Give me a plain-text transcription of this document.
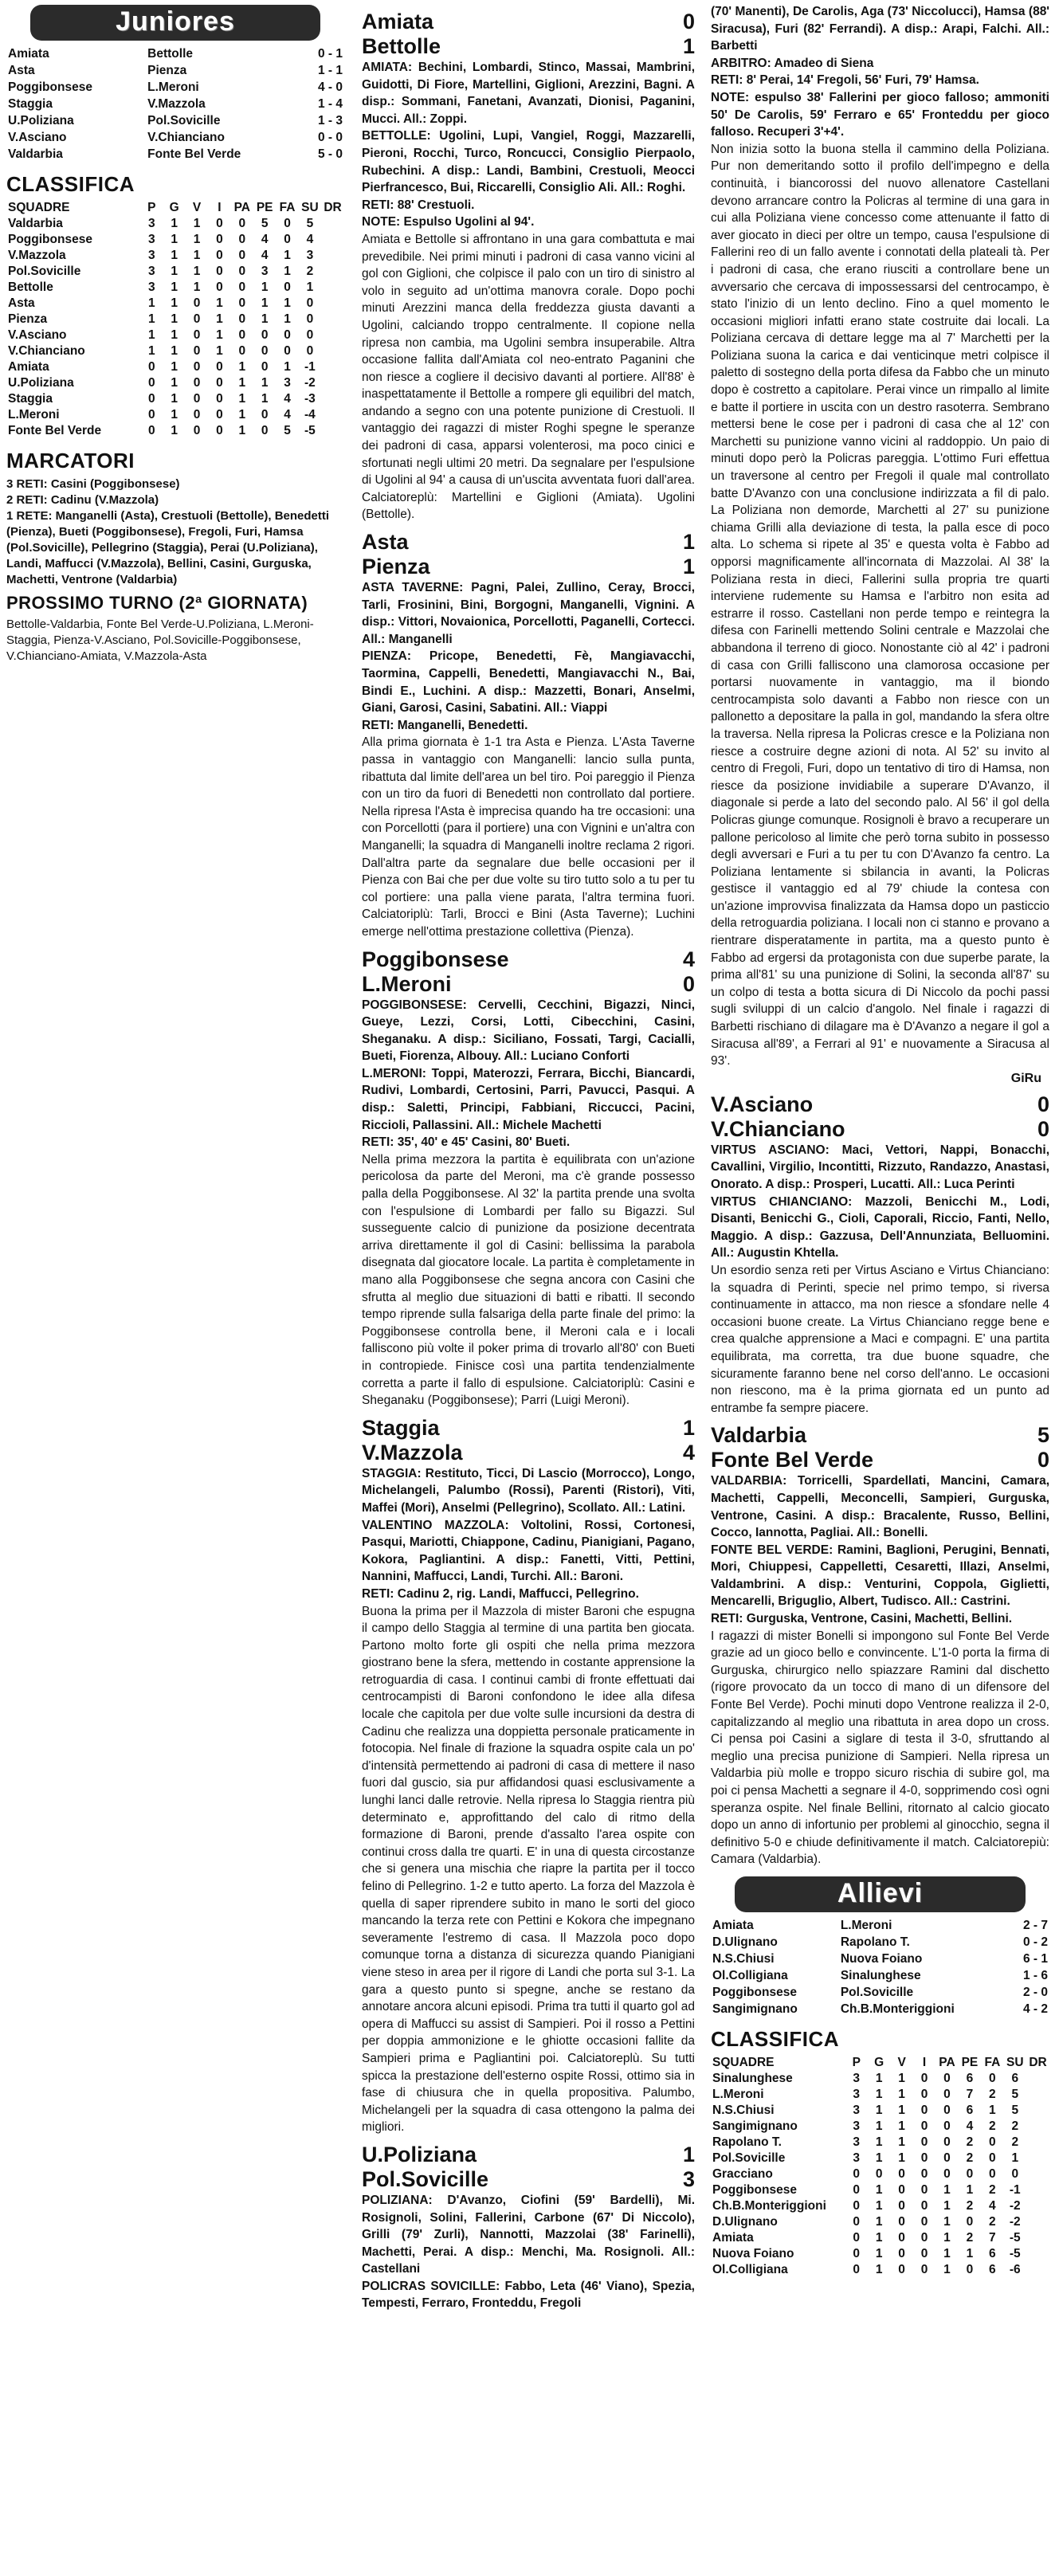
Juniores
Amiata	Bettolle	0 - 1
Asta	Pienza	1 - 1
Poggibonsese	L.Meroni	4 - 0
Staggia	V.Mazzola	1 - 4
U.Poliziana	Pol.Sovicille	1 - 3
V.Asciano	V.Chianciano	0 - 0
Valdarbia	Fonte Bel Verde	5 - 0
CLASSIFICA
SQUADRE	P	G	V	I	PA	PE	FA	SU	DR
Valdarbia	3	1	1	0	0	5	0	5	
Poggibonsese	3	1	1	0	0	4	0	4	
V.Mazzola	3	1	1	0	0	4	1	3	
Pol.Sovicille	3	1	1	0	0	3	1	2	
Bettolle	3	1	1	0	0	1	0	1	
Asta	1	1	0	1	0	1	1	0	
Pienza	1	1	0	1	0	1	1	0	
V.Asciano	1	1	0	1	0	0	0	0	
V.Chianciano	1	1	0	1	0	0	0	0	
Amiata	0	1	0	0	1	0	1	-1	
U.Poliziana	0	1	0	0	1	1	3	-2	
Staggia	0	1	0	0	1	1	4	-3	
L.Meroni	0	1	0	0	1	0	4	-4	
Fonte Bel Verde	0	1	0	0	1	0	5	-5	
MARCATORI

3 RETI: Casini (Poggibonsese)

2 RETI: Cadinu (V.Mazzola)

1 RETE: Manganelli (Asta), Crestuoli (Bettolle), Benedetti (Pienza), Bueti (Poggibonsese), Fregoli, Furi, Hamsa (Pol.Sovicille), Pellegrino (Staggia), Perai (U.Poliziana), Landi, Maffucci (V.Mazzola), Bellini, Casini, Gurguska, Machetti, Ventrone (Valdarbia)

PROSSIMO TURNO (2ª GIORNATA)

Bettolle-Valdarbia, Fonte Bel Verde-U.Poliziana, L.Meroni-Staggia, Pienza-V.Asciano, Pol.Sovicille-Poggibonsese, V.Chianciano-Amiata, V.Mazzola-Asta

Amiata	0
Bettolle	1

AMIATA: Bechini, Lombardi, Stinco, Massai, Mambrini, Guidotti, Di Fiore, Martellini, Giglioni, Arezzini, Bagni. A disp.: Sommani, Fanetani, Avanzati, Dionisi, Paganini, Mucci. All.: Zoppi.

BETTOLLE: Ugolini, Lupi, Vangiel, Roggi, Mazzarelli, Pieroni, Rocchi, Turco, Roncucci, Consiglio Pierpaolo, Rubechini. A disp.: Landi, Bambini, Crestuoli, Meocci Pierfrancesco, Bui, Riccarelli, Consiglio Ali. All.: Roghi.

RETI: 88' Crestuoli.

NOTE: Espulso Ugolini al 94'.

Amiata e Bettolle si affrontano in una gara combattuta e mai prevedibile. Nei primi minuti i padroni di casa vanno vicini al gol con Giglioni, che colpisce il palo con un tiro di sinistro al volo in seguito ad un'ottima manovra corale. Dopo pochi minuti Arezzini manca della freddezza giusta davanti a Ugolini, calciando troppo centralmente. Il copione nella ripresa non cambia, ma Ugolini sembra insuperabile. Altra occasione fallita dall'Amiata col neo-entrato Paganini che non riesce a cogliere il decisivo davanti al portiere. All'88' è inaspettatamente il Bettolle a rompere gli equilibri del match, andando a segno con una potente punizione di Crestuoli. Il vantaggio dei ragazzi di mister Roghi spegne le speranze dei padroni di casa, apparsi volenterosi, ma poco cinici e sfortunati negli ultimi 20 metri. Da segnalare per l'espulsione di Ugolini al 94' a causa di un'uscita avventata fuori dall'area. Calciatoreplù: Martellini e Giglioni (Amiata). Ugolini (Bettolle).

Asta	1
Pienza	1

ASTA TAVERNE: Pagni, Palei, Zullino, Ceray, Brocci, Tarli, Frosinini, Bini, Borgogni, Manganelli, Vignini. A disp.: Vittori, Novaionica, Porcellotti, Paganelli, Cortecci. All.: Manganelli

PIENZA: Pricope, Benedetti, Fè, Mangiavacchi, Taormina, Cappelli, Benedetti, Mangiavacchi N., Bai, Bindi E., Luchini. A disp.: Mazzetti, Bonari, Anselmi, Giani, Garosi, Casini, Sabatini. All.: Viappi

RETI: Manganelli, Benedetti.

Alla prima giornata è 1-1 tra Asta e Pienza. L'Asta Taverne passa in vantaggio con Manganelli: lancio sulla punta, ribattuta dal limite dell'area un bel tiro. Poi pareggio il Pienza con un tiro da fuori di Benedetti non controllato dal portiere. Nella ripresa l'Asta è imprecisa quando ha tre occasioni: una con Porcellotti (para il portiere) una con Vignini e un'altra con Manganelli; la squadra di Manganelli inoltre reclama 2 rigori. Dall'altra parte da segnalare due belle occasioni per il Pienza con Bai che per due volte su tiro tutto solo a tu per tu col portiere: una palla viene parata, l'altra termina fuori. Calciatoriplù: Tarli, Brocci e Bini (Asta Taverne); Luchini emerge nell'ottima prestazione collettiva (Pienza).

Poggibonsese	4
L.Meroni	0

POGGIBONSESE: Cervelli, Cecchini, Bigazzi, Ninci, Gueye, Lezzi, Corsi, Lotti, Cibecchini, Casini, Sheganaku. A disp.: Siciliano, Fossati, Targi, Cacialli, Bueti, Fiorenza, Albouy. All.: Luciano Conforti

L.MERONI: Toppi, Materozzi, Ferrara, Bicchi, Biancardi, Rudivi, Lombardi, Certosini, Parri, Pavucci, Pasqui. A disp.: Saletti, Principi, Fabbiani, Riccucci, Pacini, Riccioli, Pallassini. All.: Michele Machetti

RETI: 35', 40' e 45' Casini, 80' Bueti.

Nella prima mezzora la partita è equilibrata con un'azione pericolosa da parte del Meroni, ma c'è grande possesso palla della Poggibonsese. Al 32' la partita prende una svolta con l'espulsione di Lombardi per fallo su Bigazzi. Sul susseguente calcio di punizione da posizione decentrata arriva direttamente il gol di Casini: bellissima la parabola disegnata dal giocatore locale. La partita è completamente in mano alla Poggibonsese che segna ancora con Casini che sfrutta al meglio due situazioni di batti e ribatti. Il secondo tempo riprende sulla falsariga della parte finale del primo: la Poggibonsese controlla bene, il Meroni cala e i locali falliscono più volte il poker prima di trovarlo all'80' con Bueti in contropiede. Finisce così una partita tendenzialmente corretta a parte il fallo di espulsione. Calciatoriplù: Casini e Sheganaku (Poggibonsese); Parri (Luigi Meroni).

Staggia	1
V.Mazzola	4

STAGGIA: Restituto, Ticci, Di Lascio (Morrocco), Longo, Michelangeli, Palumbo (Rossi), Parenti (Ristori), Viti, Maffei (Mori), Anselmi (Pellegrino), Scollato. All.: Latini.

VALENTINO MAZZOLA: Voltolini, Rossi, Cortonesi, Pasqui, Mariotti, Chiappone, Cadinu, Pianigiani, Pagano, Kokora, Pagliantini. A disp.: Fanetti, Vitti, Pettini, Nannini, Maffucci, Landi, Turchi. All.: Baroni.

RETI: Cadinu 2, rig. Landi, Maffucci, Pellegrino.

Buona la prima per il Mazzola di mister Baroni che espugna il campo dello Staggia al termine di una partita ben giocata. Partono molto forte gli ospiti che nella prima mezzora giostrano bene la sfera, mettendo in costante apprensione la retroguardia di casa. I continui cambi di fronte effettuati dai centrocampisti di Baroni confondono le idee alla difesa locale che capitola per due volte sulle incursioni da destra di Cadinu che realizza una doppietta personale praticamente in fotocopia. Nel finale di frazione la squadra ospite cala un po' d'intensità permettendo ai padroni di casa di mettere il naso fuori dal guscio, sia pur affidandosi quasi esclusivamente a lunghi lanci dalle retrovie. Nella ripresa lo Staggia rientra più determinato e, approfittando del calo di ritmo della formazione di Baroni, prende d'assalto l'area ospite con continui cross dalla tre quarti. E' in una di questa circostanze che si genera una mischia che riapre la partita per il tocco felino di Pellegrino. 1-2 e tutto aperto. La forza del Mazzola è quella di saper riprendere subito in mano le sorti del gioco mancando la terza rete con Pettini e Kokora che impegnano severamente l'estremo di casa. Il Mazzola poco dopo comunque torna a distanza di sicurezza quando Pianigiani viene steso in area per il rigore di Landi che porta sul 3-1. La gara a questo punto si spegne, anche se restano da annotare ancora alcuni episodi. Prima tra tutti il quarto gol ad opera di Maffucci su assist di Sampieri. Poi il rosso a Pettini per doppia ammonizione e le ghiotte occasioni fallite da Sampieri prima e Pagliantini poi. Calciatoreplù. Su tutti spicca la prestazione dell'esterno ospite Rossi, ottimo sia in fase di chiusura che in quella propositiva. Palumbo, Michelangeli per la squadra di casa ottengono la palma dei migliori.

U.Poliziana	1
Pol.Sovicille	3

POLIZIANA: D'Avanzo, Ciofini (59' Bardelli), Mi. Rosignoli, Solini, Fallerini, Carbone (67' Di Niccolo), Grilli (79' Zurli), Nannotti, Mazzolai (38' Farinelli), Machetti, Perai. A disp.: Menchi, Ma. Rosignoli. All.: Castellani

POLICRAS SOVICILLE: Fabbo, Leta (46' Viano), Spezia, Tempesti, Ferraro, Fronteddu, Fregoli

(70' Manenti), De Carolis, Aga (73' Niccolucci), Hamsa (88' Siracusa), Furi (82' Ferrandi). A disp.: Arapi, Falchi. All.: Barbetti

ARBITRO: Amadeo di Siena

RETI: 8' Perai, 14' Fregoli, 56' Furi, 79' Hamsa.

NOTE: espulso 38' Fallerini per gioco falloso; ammoniti 50' De Carolis, 59' Ferraro e 65' Fronteddu per gioco falloso. Recuperi 3'+4'.

Non inizia sotto la buona stella il cammino della Poliziana. Pur non demeritando sotto il profilo dell'impegno e della continuità, i biancorossi del nuovo allenatore Castellani devono arrancare contro la Policras al termine di una gara in cui alla Poliziana viene concesso come attenuante il fatto di aver giocato in dieci per oltre un tempo, causa l'espulsione di Fallerini reo di un fallo avente i connotati della plateali tà. Per i padroni di casa, che erano riusciti a controllare bene un avversario che cercava di impossessarsi del centrocampo, è stato l'inizio di un lento declino. Fino a quel momento le occasioni migliori infatti erano state costruite dai locali. La Poliziana cercava di dettare legge ma al 7' Marchetti per la Poliziana suona la carica e dai venticinque metri colpisce il paletto di sostegno della porta difesa da Fabbo che un minuto dopo è costretto a capitolare. Perai vince un rimpallo al limite e batte il portiere in uscita con un destro rasoterra. Sembrano mettersi bene le cose per i padroni di casa che al 12' con Marchetti su punizione vanno vicini al raddoppio. Un paio di minuti dopo però la Policras pareggia. L'ottimo Furi effettua un traversone al centro per Fregoli il quale mal controllato batte D'Avanzo con una conclusione indirizzata a fil di palo. La Poliziana non demorde, Marchetti al 27' su punizione chiama Grilli alla deviazione di testa, la palla esce di poco alta. Lo schema si ripete al 35' e questa volta è Fabbo ad opporsi magnificamente all'incornata di Mazzolai. Al 38' la Poliziana resta in dieci, Fallerini sulla propria tre quarti interviene rudemente su Hamsa e l'arbitro non esita ad estrarre il rosso. Castellani non perde tempo e reintegra la difesa con Farinelli mettendo Solini centrale e Mazzolai che abbandona il terreno di gioco. Nonostante ciò al 42' i padroni di casa con Grilli falliscono una clamorosa occasione per portarsi nuovamente in vantaggio, ma il biondo centrocampista solo davanti a Fabbo non riesce con un pallonetto a depositare la palla in gol, mandando la sfera oltre la traversa. Nella ripresa la Policras cresce e la Poliziana non riesce a costruire degne azioni di nota. Al 52' su invito al centro di Fregoli, Furi, dopo un tentativo di tiro di Hamsa, non riesce da posizione invidiabile a superare D'Avanzo, il diagonale si perde a lato del secondo palo. Al 56' il gol della Policras giunge comunque. Rosignoli è bravo a recuperare un pallone pericoloso al limite che però torna subito in possesso degli avversari e Furi a tu per tu con D'Avanzo fa centro. La Poliziana lentamente si sbilancia in avanti, la Policras gestisce il vantaggio ed al 79' chiude la contesa con un'azione improvvisa finalizzata da Hamsa dopo un pasticcio della retroguardia poliziana. I locali non ci stanno e provano a rientrare disperatamente in partita, ma a questo punto è Fabbo ad ergersi da protagonista con due superbe parate, la prima all'81' su una punizione di Solini, la seconda all'87' su un colpo di testa a botta sicura di Di Niccolo da pochi passi sugli sviluppi di un calcio d'angolo. Nel finale i ragazzi di Barbetti rischiano di dilagare ma è D'Avanzo a negare il gol a Siracusa all'89', a Ferrari al 91' e nuovamente a Siracusa al 93'.

GiRu
V.Asciano	0
V.Chianciano	0

VIRTUS ASCIANO: Maci, Vettori, Nappi, Bonacchi, Cavallini, Virgilio, Incontitti, Rizzuto, Randazzo, Anastasi, Onorato. A disp.: Prosperi, Lucatti. All.: Luca Perinti

VIRTUS CHIANCIANO: Mazzoli, Benicchi M., Lodi, Disanti, Benicchi G., Cioli, Caporali, Riccio, Fanti, Nello, Maggio. A disp.: Gazzusa, Dell'Annunziata, Belluomini. All.: Augustin Khtella.

Un esordio senza reti per Virtus Asciano e Virtus Chianciano: la squadra di Perinti, specie nel primo tempo, si riversa continuamente in attacco, ma non riesce a sfondare nelle 4 occasioni buone create. La Virtus Chianciano regge bene e crea qualche apprensione a Maci e compagni. E' una partita equilibrata, ma corretta, tra due buone squadre, che sicuramente faranno bene nel corso dell'anno. Le occasioni non riescono, ma è la prima giornata ed un punto ad entrambe fa sempre piacere.

Valdarbia	5
Fonte Bel Verde	0

VALDARBIA: Torricelli, Spardellati, Mancini, Camara, Machetti, Cappelli, Meconcelli, Sampieri, Gurguska, Ventrone, Casini. A disp.: Bracalente, Russo, Bellini, Cocco, Iannotta, Pagliai. All.: Bonelli.

FONTE BEL VERDE: Ramini, Baglioni, Perugini, Bennati, Mori, Chiuppesi, Cappelletti, Cesaretti, Illazi, Anselmi, Valdambrini. A disp.: Venturini, Coppola, Giglietti, Mencarelli, Briguglio, Albert, Tudisco. All.: Castrini.

RETI: Gurguska, Ventrone, Casini, Machetti, Bellini.

I ragazzi di mister Bonelli si impongono sul Fonte Bel Verde grazie ad un gioco bello e convincente. L'1-0 porta la firma di Gurguska, chirurgico nello spiazzare Ramini dal dischetto (rigore provocato da un tocco di mano di un difensore del Fonte Bel Verde). Pochi minuti dopo Ventrone realizza il 2-0, capitalizzando al meglio una ribattuta in area dopo un cross. Ci pensa poi Casini a siglare di testa il 3-0, sfruttando al meglio una precisa punizione di Sampieri. Nella ripresa un Valdarbia più molle e troppo sicuro rischia di subire gol, ma poi ci pensa Machetti a segnare il 4-0, sopprimendo così ogni speranza ospite. Nel finale Bellini, ritornato al calcio giocato dopo un anno di infortunio per problemi al ginocchio, segna il definitivo 5-0 e chiude definitivamente il match. Calciatorepiù: Camara (Valdarbia).

Allievi
Amiata	L.Meroni	2 - 7
D.Ulignano	Rapolano T.	0 - 2
N.S.Chiusi	Nuova Foiano	6 - 1
Ol.Colligiana	Sinalunghese	1 - 6
Poggibonsese	Pol.Sovicille	2 - 0
Sangimignano	Ch.B.Monteriggioni	4 - 2
CLASSIFICA
SQUADRE	P	G	V	I	PA	PE	FA	SU	DR
Sinalunghese	3	1	1	0	0	6	0	6	
L.Meroni	3	1	1	0	0	7	2	5	
N.S.Chiusi	3	1	1	0	0	6	1	5	
Sangimignano	3	1	1	0	0	4	2	2	
Rapolano T.	3	1	1	0	0	2	0	2	
Pol.Sovicille	3	1	1	0	0	2	0	1	
Gracciano	0	0	0	0	0	0	0	0	
Poggibonsese	0	1	0	0	1	1	2	-1	
Ch.B.Monteriggioni	0	1	0	0	1	2	4	-2	
D.Ulignano	0	1	0	0	1	0	2	-2	
Amiata	0	1	0	0	1	2	7	-5	
Nuova Foiano	0	1	0	0	1	1	6	-5	
Ol.Colligiana	0	1	0	0	1	0	6	-6	
